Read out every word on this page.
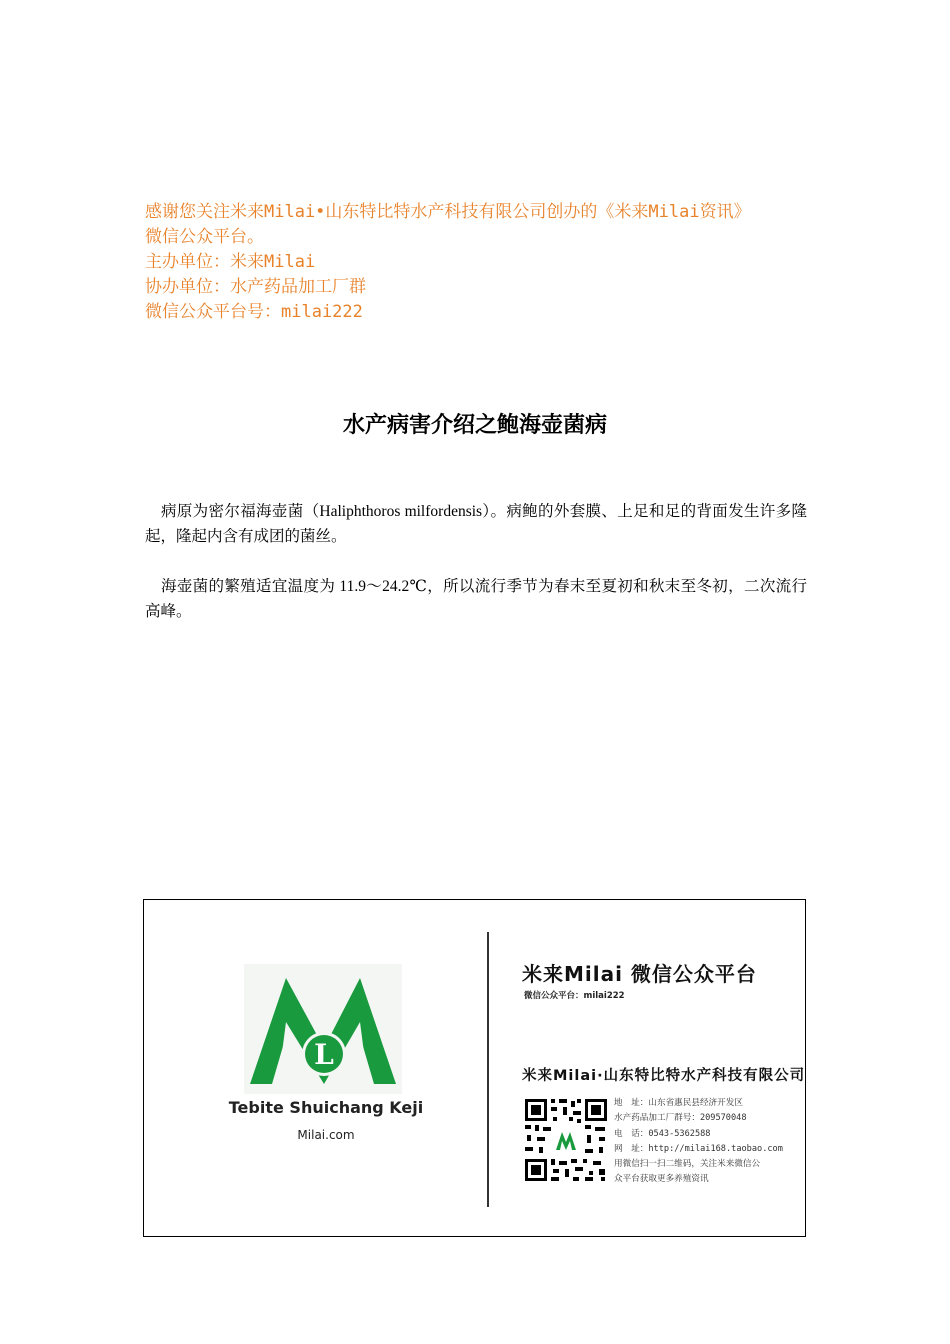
感谢您关注米来Milai•山东特比特水产科技有限公司创办的《米来Milai资讯》
微信公众平台。
主办单位：米来Milai
协办单位：水产药品加工厂群
微信公众平台号：milai222
水产病害介绍之鲍海壶菌病
病原为密尔福海壶菌（Haliphthoros milfordensis）。病鲍的外套膜、上足和足的背面发生许多隆起，隆起内含有成团的菌丝。
海壶菌的繁殖适宜温度为 11.9～24.2℃，所以流行季节为春末至夏初和秋末至冬初，二次流行高峰。
L
Tebite Shuichang Keji
Milai.com
米来Milai 微信公众平台
微信公众平台：milai222
米来Milai·山东特比特水产科技有限公司
地　址：山东省惠民县经济开发区
水产药品加工厂群号：209570048
电　话：0543-5362588
网　址：http://milai168.taobao.com
用微信扫一扫二维码，关注米来微信公
众平台获取更多养殖资讯
